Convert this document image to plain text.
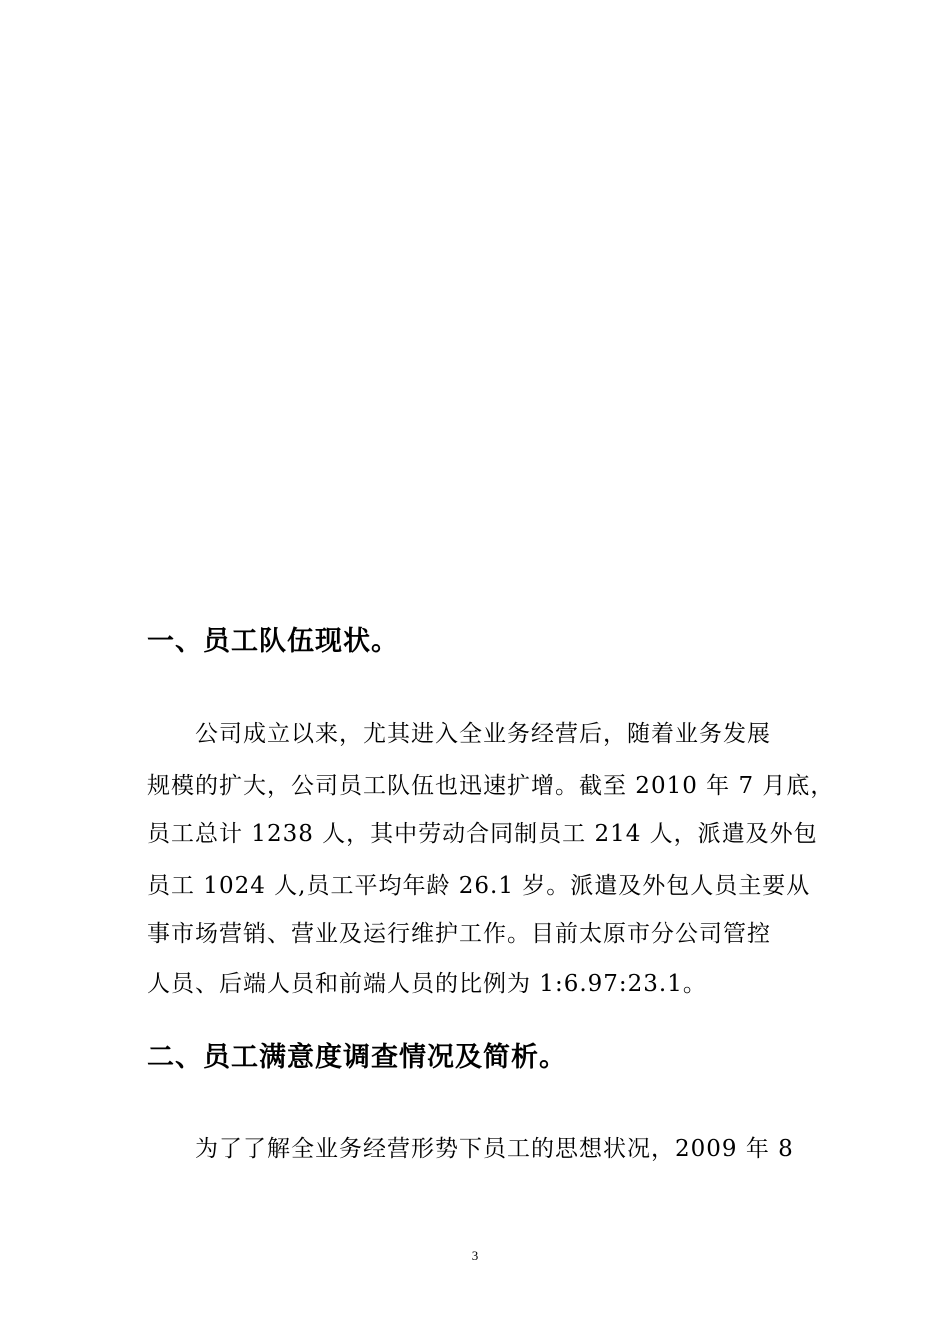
一、员工队伍现状。

公司成立以来，尤其进入全业务经营后，随着业务发展

规模的扩大，公司员工队伍也迅速扩增。截至 2010 年 7 月底，

员工总计 1238 人，其中劳动合同制员工 214 人，派遣及外包

员工 1024 人,员工平均年龄 26.1 岁。派遣及外包人员主要从

事市场营销、营业及运行维护工作。目前太原市分公司管控

人员、后端人员和前端人员的比例为 1:6.97:23.1。

二、员工满意度调查情况及简析。

为了了解全业务经营形势下员工的思想状况，2009 年 8

3
